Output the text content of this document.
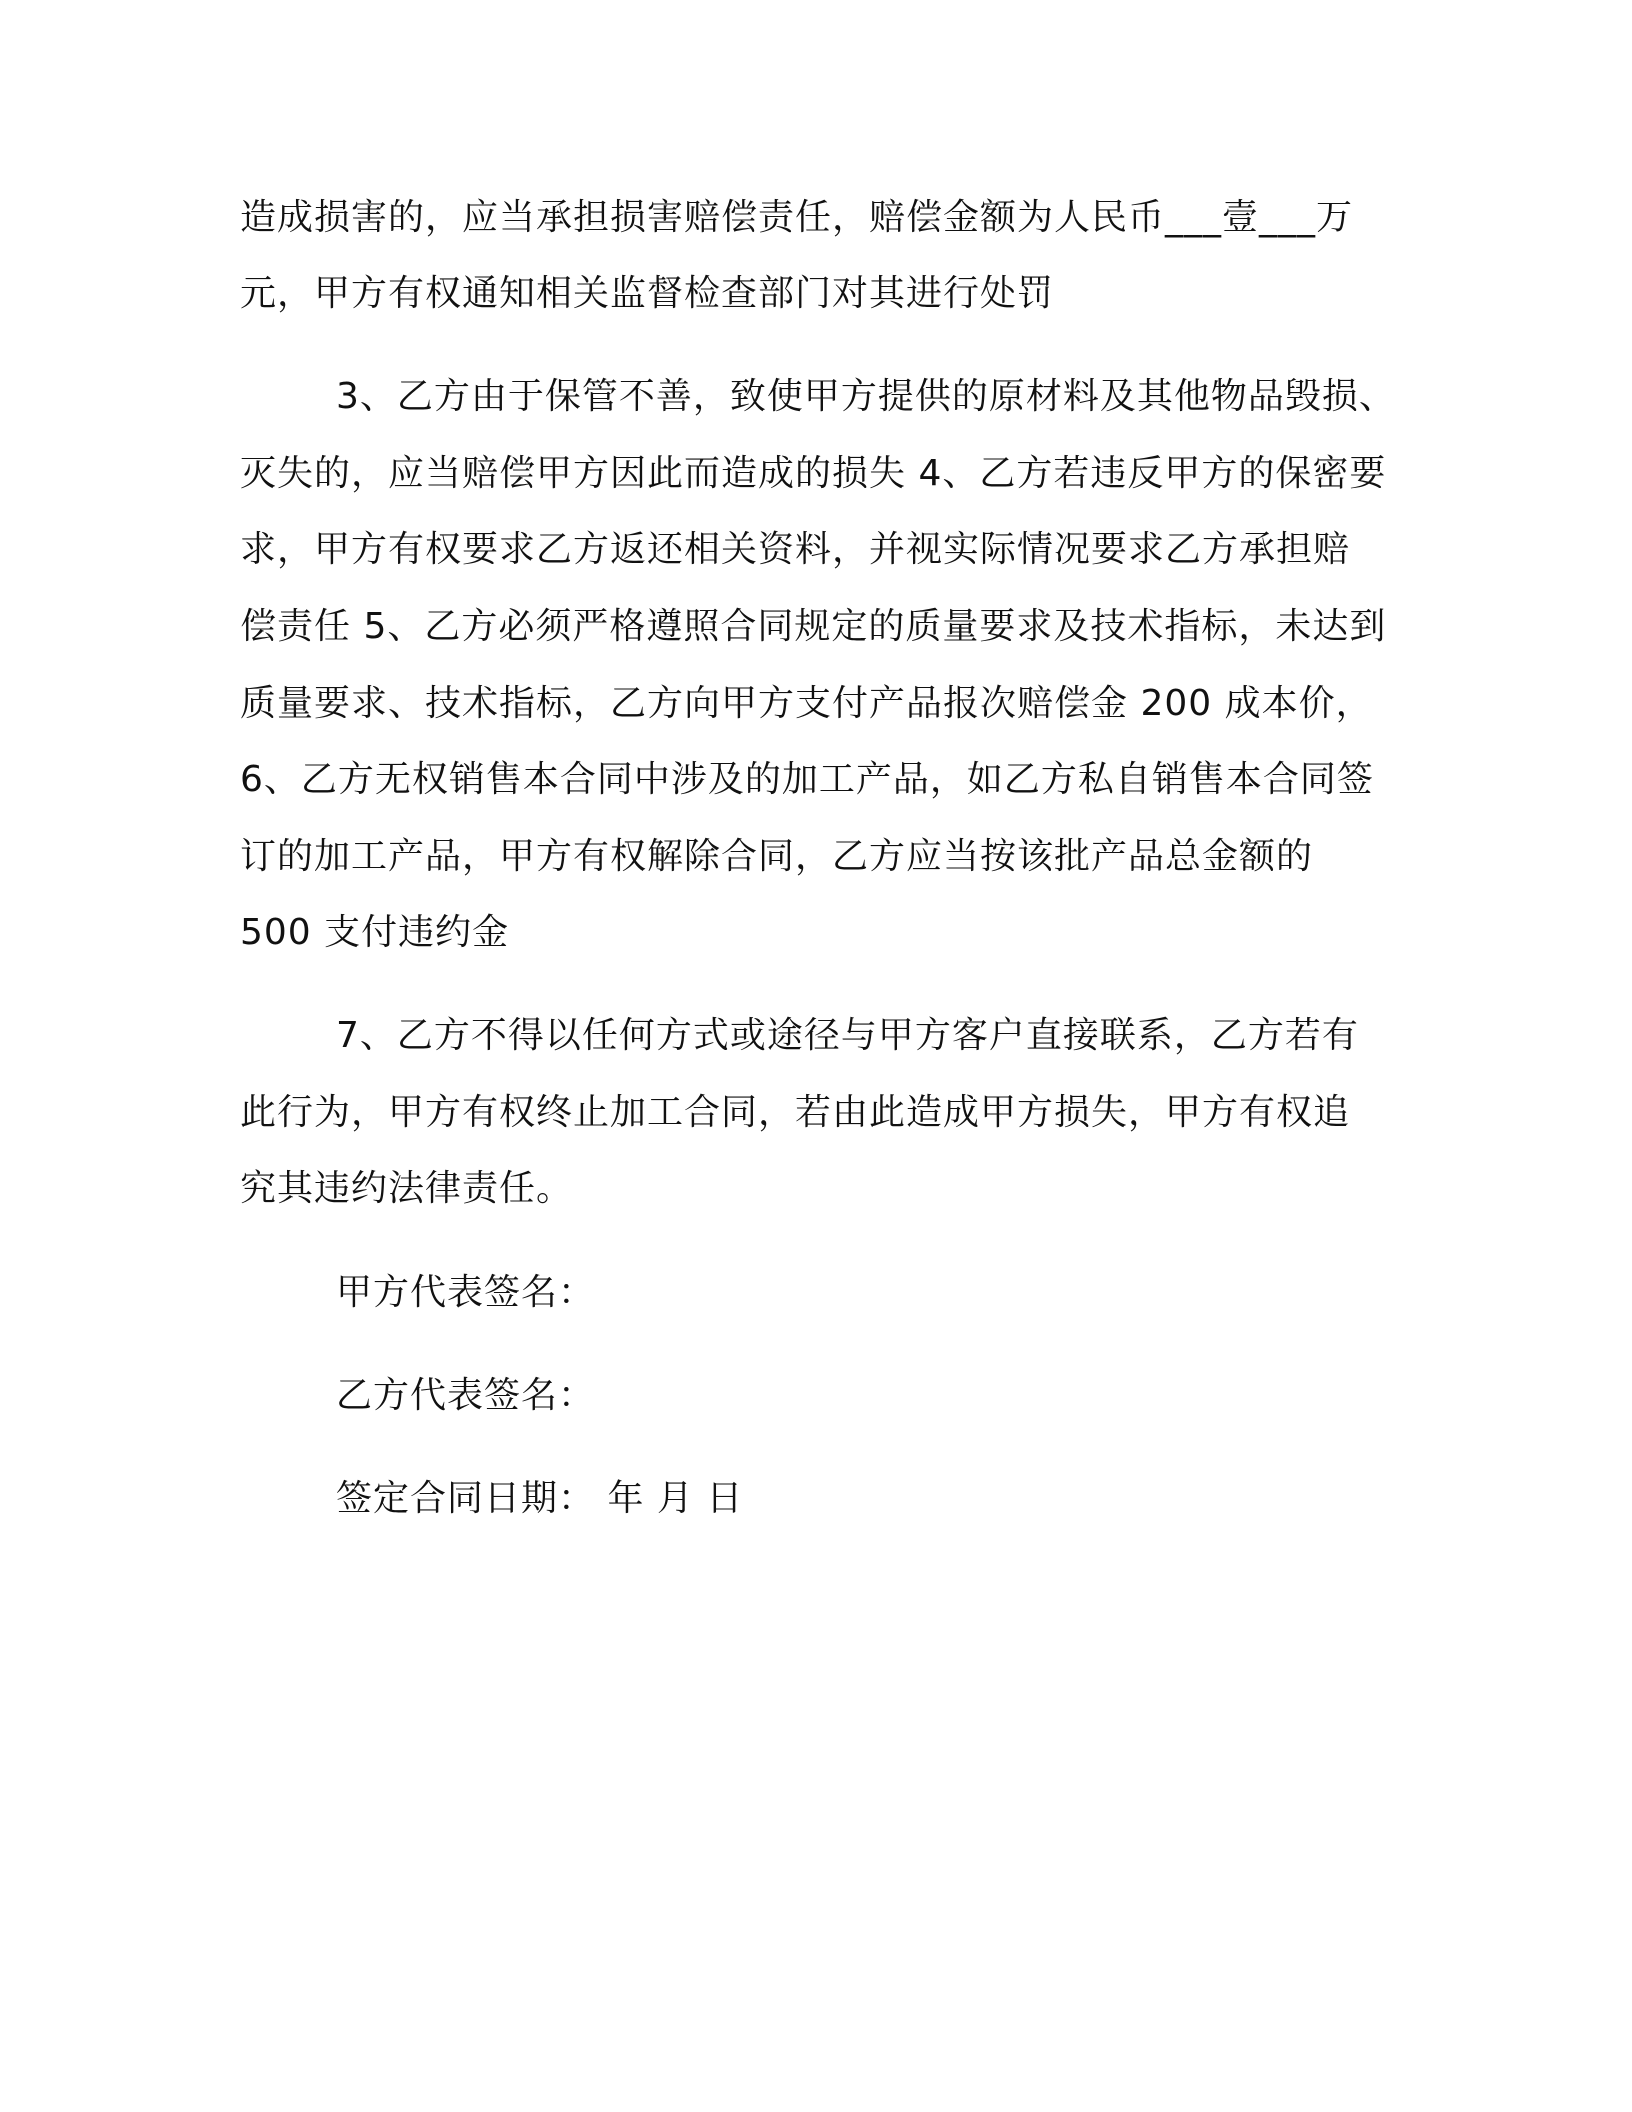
造成损害的，应当承担损害赔偿责任，赔偿金额为人民币___壹___万
元，甲方有权通知相关监督检查部门对其进行处罚
3、乙方由于保管不善，致使甲方提供的原材料及其他物品毁损、
灭失的，应当赔偿甲方因此而造成的损失 4、乙方若违反甲方的保密要
求，甲方有权要求乙方返还相关资料，并视实际情况要求乙方承担赔
偿责任 5、乙方必须严格遵照合同规定的质量要求及技术指标，未达到
质量要求、技术指标，乙方向甲方支付产品报次赔偿金 200 成本价，
6、乙方无权销售本合同中涉及的加工产品，如乙方私自销售本合同签
订的加工产品，甲方有权解除合同，乙方应当按该批产品总金额的
500 支付违约金
7、乙方不得以任何方式或途径与甲方客户直接联系，乙方若有
此行为，甲方有权终止加工合同，若由此造成甲方损失，甲方有权追
究其违约法律责任。
甲方代表签名：
乙方代表签名：
签定合同日期： 年 月 日
